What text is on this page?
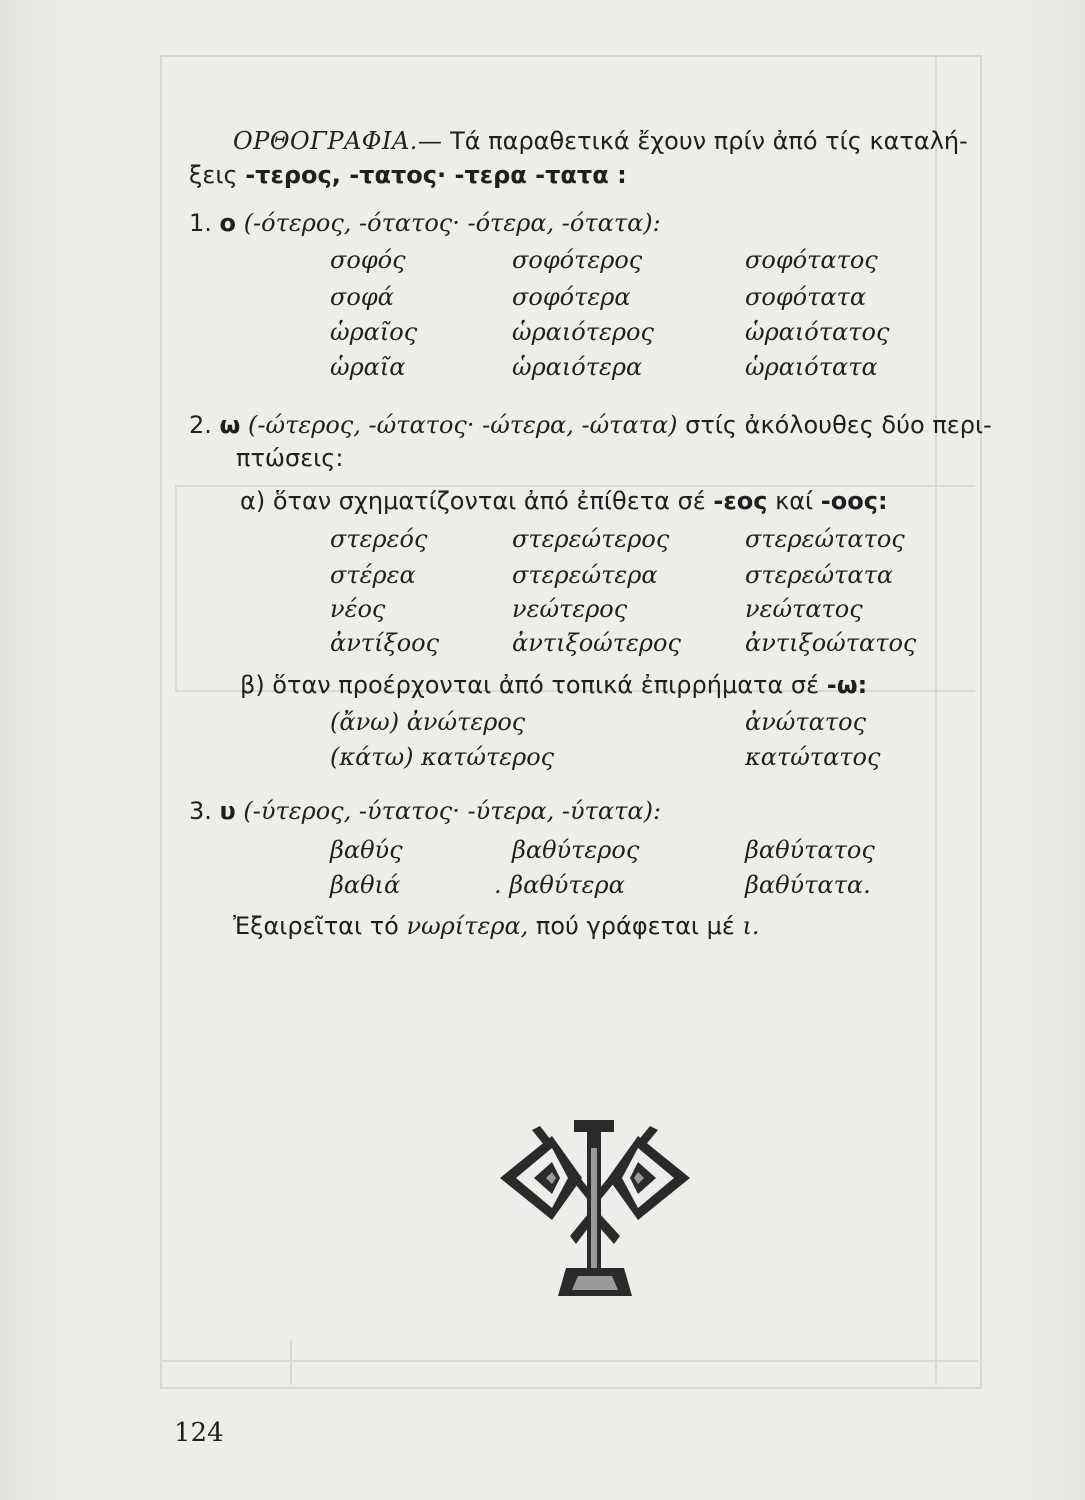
ΟΡΘΟΓΡΑΦΙΑ.— Τά παραθετικά ἔχουν πρίν ἀπό τίς καταλή-
ξεις -τερος, -τατος· -τερα -τατα :
1. ο (-ότερος, -ότατος· -ότερα, -ότατα):
σοφός	σοφότερος	σοφότατος
σοφά	σοφότερα	σοφότατα
ὡραῖος	ὡραιότερος	ὡραιότατος
ὡραῖα	ὡραιότερα	ὡραιότατα
2. ω (-ώτερος, -ώτατος· -ώτερα, -ώτατα) στίς ἀκόλουθες δύο περι-
πτώσεις:
α) ὅταν σχηματίζονται ἀπό ἐπίθετα σέ -εος καί -οος:
στερεός	στερεώτερος	στερεώτατος
στέρεα	στερεώτερα	στερεώτατα
νέος	νεώτερος	νεώτατος
ἀντίξοος	ἀντιξοώτερος	ἀντιξοώτατος
β) ὅταν προέρχονται ἀπό τοπικά ἐπιρρήματα σέ -ω:
(ἄνω) ἀνώτερος	ἀνώτατος
(κάτω) κατώτερος	κατώτατος
3. υ (-ύτερος, -ύτατος· -ύτερα, -ύτατα):
βαθύς	βαθύτερος	βαθύτατος
βαθιά	. βαθύτερα	βαθύτατα.
Ἐξαιρεῖται τό νωρίτερα, πού γράφεται μέ ι.
124
